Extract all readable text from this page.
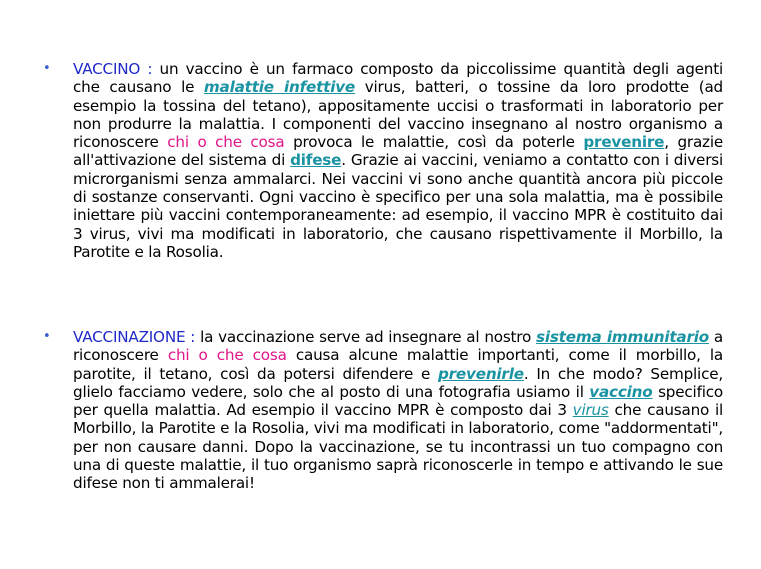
• VACCINO : un vaccino è un farmaco composto da piccolissime quantità degli agenti che causano le malattie infettive virus, batteri, o tossine da loro prodotte (ad esempio la tossina del tetano), appositamente uccisi o trasformati in laboratorio per non produrre la malattia. I componenti del vaccino insegnano al nostro organismo a riconoscere chi o che cosa provoca le malattie, così da poterle prevenire, grazie all'attivazione del sistema di difese. Grazie ai vaccini, veniamo a contatto con i diversi microrganismi senza ammalarci. Nei vaccini vi sono anche quantità ancora più piccole di sostanze conservanti. Ogni vaccino è specifico per una sola malattia, ma è possibile iniettare più vaccini contemporaneamente: ad esempio, il vaccino MPR è costituito dai 3 virus, vivi ma modificati in laboratorio, che causano rispettivamente il Morbillo, la Parotite e la Rosolia.
• VACCINAZIONE : la vaccinazione serve ad insegnare al nostro sistema immunitario a riconoscere chi o che cosa causa alcune malattie importanti, come il morbillo, la parotite, il tetano, così da potersi difendere e prevenirle. In che modo? Semplice, glielo facciamo vedere, solo che al posto di una fotografia usiamo il vaccino specifico per quella malattia. Ad esempio il vaccino MPR è composto dai 3 virus che causano il Morbillo, la Parotite e la Rosolia, vivi ma modificati in laboratorio, come "addormentati", per non causare danni. Dopo la vaccinazione, se tu incontrassi un tuo compagno con una di queste malattie, il tuo organismo saprà riconoscerle in tempo e attivando le sue difese non ti ammalerai!
